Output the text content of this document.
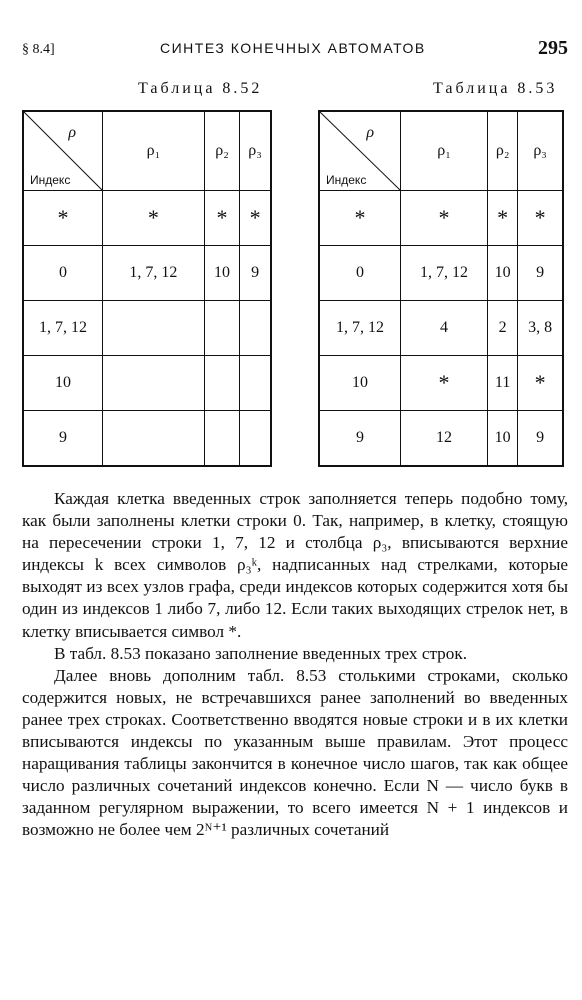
§ 8.4]	СИНТЕЗ КОНЕЧНЫХ АВТОМАТОВ	295
Таблица 8.52	Таблица 8.53
ρ
Индекс	ρ₁	ρ₂	ρ₃
*	*	*	*
0	1, 7, 12	10	9
1, 7, 12			
10			
9			
ρ
Индекс	ρ₁	ρ₂	ρ₃
*	*	*	*
0	1, 7, 12	10	9
1, 7, 12	4	2	3, 8
10	*	11	*
9	12	10	9

Каждая клетка введенных строк заполняется теперь подобно тому, как были заполнены клетки строки 0. Так, например, в клетку, стоящую на пересечении строки 1, 7, 12 и столбца ρ₃, вписываются верхние индексы k всех символов ρ₃ᵏ, надписанных над стрелками, которые выходят из всех узлов графа, среди индексов которых содержится хотя бы один из индексов 1 либо 7, либо 12. Если таких выходящих стрелок нет, в клетку вписывается символ *.

В табл. 8.53 показано заполнение введенных трех строк.

Далее вновь дополним табл. 8.53 столькими строками, сколько содержится новых, не встречавшихся ранее заполнений во введенных ранее трех строках. Соответственно вводятся новые строки и в их клетки вписываются индексы по указанным выше правилам. Этот процесс наращивания таблицы закончится в конечное число шагов, так как общее число различных сочетаний индексов конечно. Если N — число букв в заданном регулярном выражении, то всего имеется N + 1 индексов и возможно не более чем 2ᴺ⁺¹ различных сочетаний
